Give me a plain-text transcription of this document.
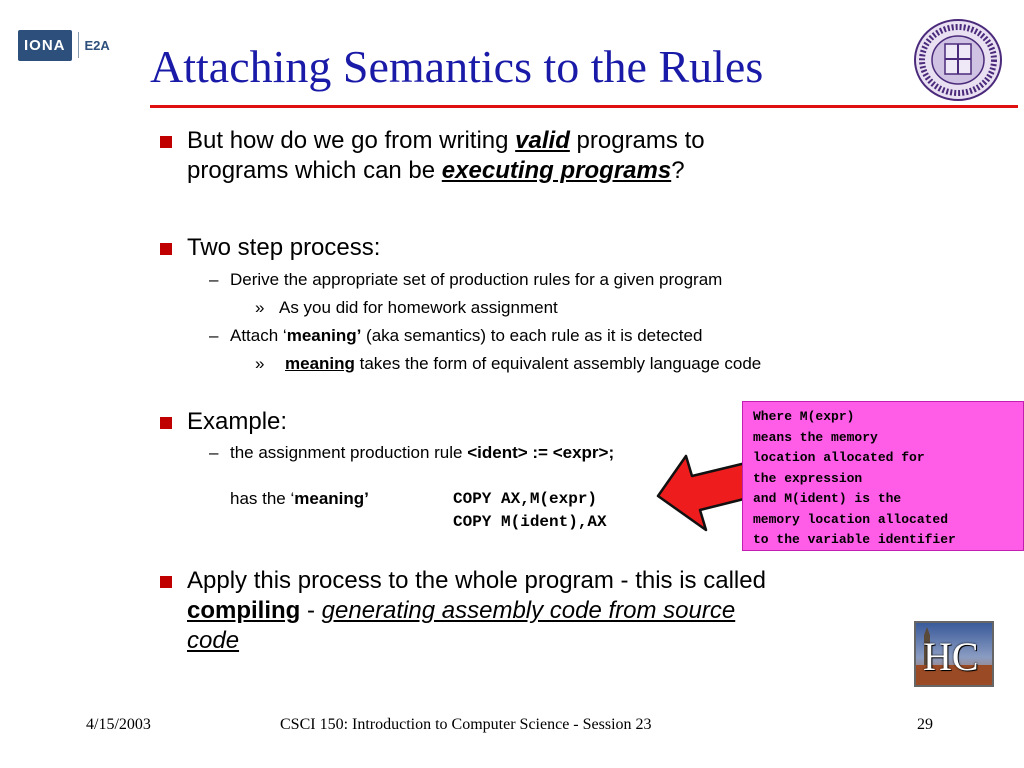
IONA	E2A Attaching Semantics to the Rules
But how do we go from writing valid programs to
programs which can be executing programs?
Two step process:
– Derive the appropriate set of production rules for a given program
» As you did for homework assignment
– Attach ‘meaning’ (aka semantics) to each rule as it is detected
» meaning takes the form of equivalent assembly language code
Example:
– the assignment production rule <ident> := <expr>;
has the ‘meaning’	COPY AX,M(expr)
COPY M(ident),AX
Where M(expr)
means the memory
location allocated for
the expression
and M(ident) is the
memory location allocated
to the variable identifier
Apply this process to the whole program - this is called
compiling - generating assembly code from source
code	HC
4/15/2003	CSCI 150: Introduction to Computer Science - Session 23	29
